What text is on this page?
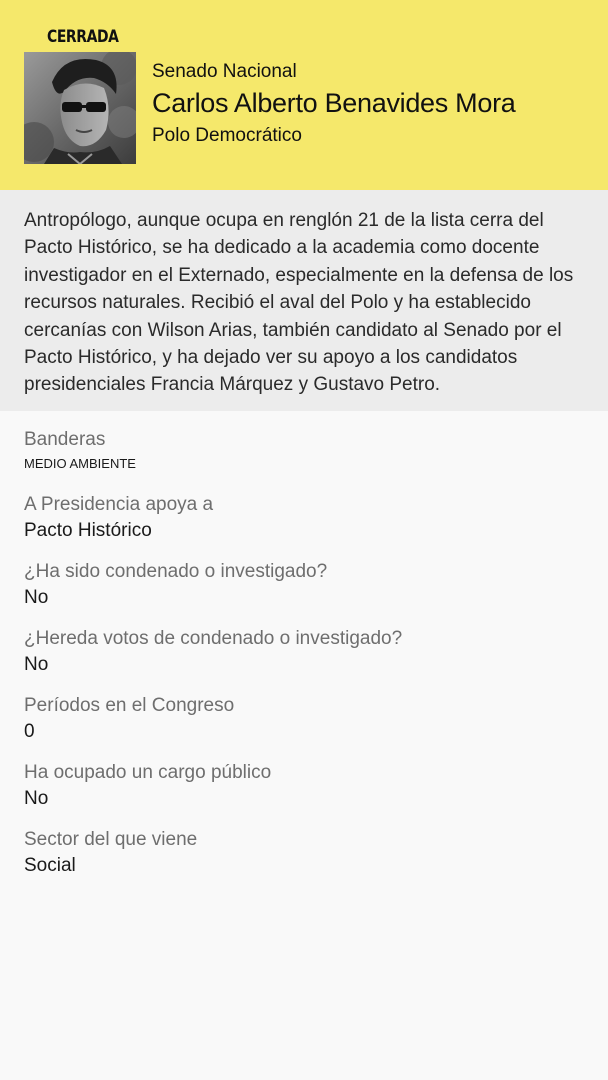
CERRADA
Senado Nacional
Carlos Alberto Benavides Mora
Polo Democrático
Antropólogo, aunque ocupa en renglón 21 de la lista cerra del Pacto Histórico, se ha dedicado a la academia como docente investigador en el Externado, especialmente en la defensa de los recursos naturales. Recibió el aval del Polo y ha establecido cercanías con Wilson Arias, también candidato al Senado por el Pacto Histórico, y ha dejado ver su apoyo a los candidatos presidenciales Francia Márquez y Gustavo Petro.
Banderas
MEDIO AMBIENTE
A Presidencia apoya a
Pacto Histórico
¿Ha sido condenado o investigado?
No
¿Hereda votos de condenado o investigado?
No
Períodos en el Congreso
0
Ha ocupado un cargo público
No
Sector del que viene
Social
